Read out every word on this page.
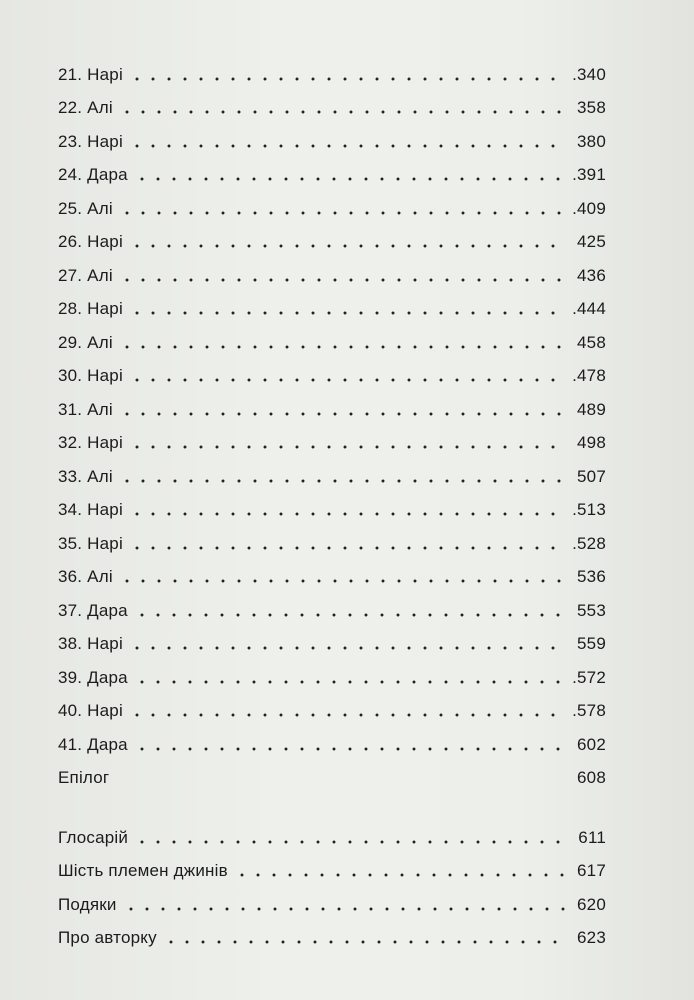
21. Нарі	.340
22. Алі	358
23. Нарі	380
24. Дара	.391
25. Алі	.409
26. Нарі	425
27. Алі	436
28. Нарі	.444
29. Алі	458
30. Нарі	.478
31. Алі	489
32. Нарі	498
33. Алі	507
34. Нарі	.513
35. Нарі	.528
36. Алі	536
37. Дара	553
38. Нарі	559
39. Дара	.572
40. Нарі	.578
41. Дара	602
Епілог	608
Глосарій	611
Шість племен джинів	617
Подяки	620
Про авторку	623
